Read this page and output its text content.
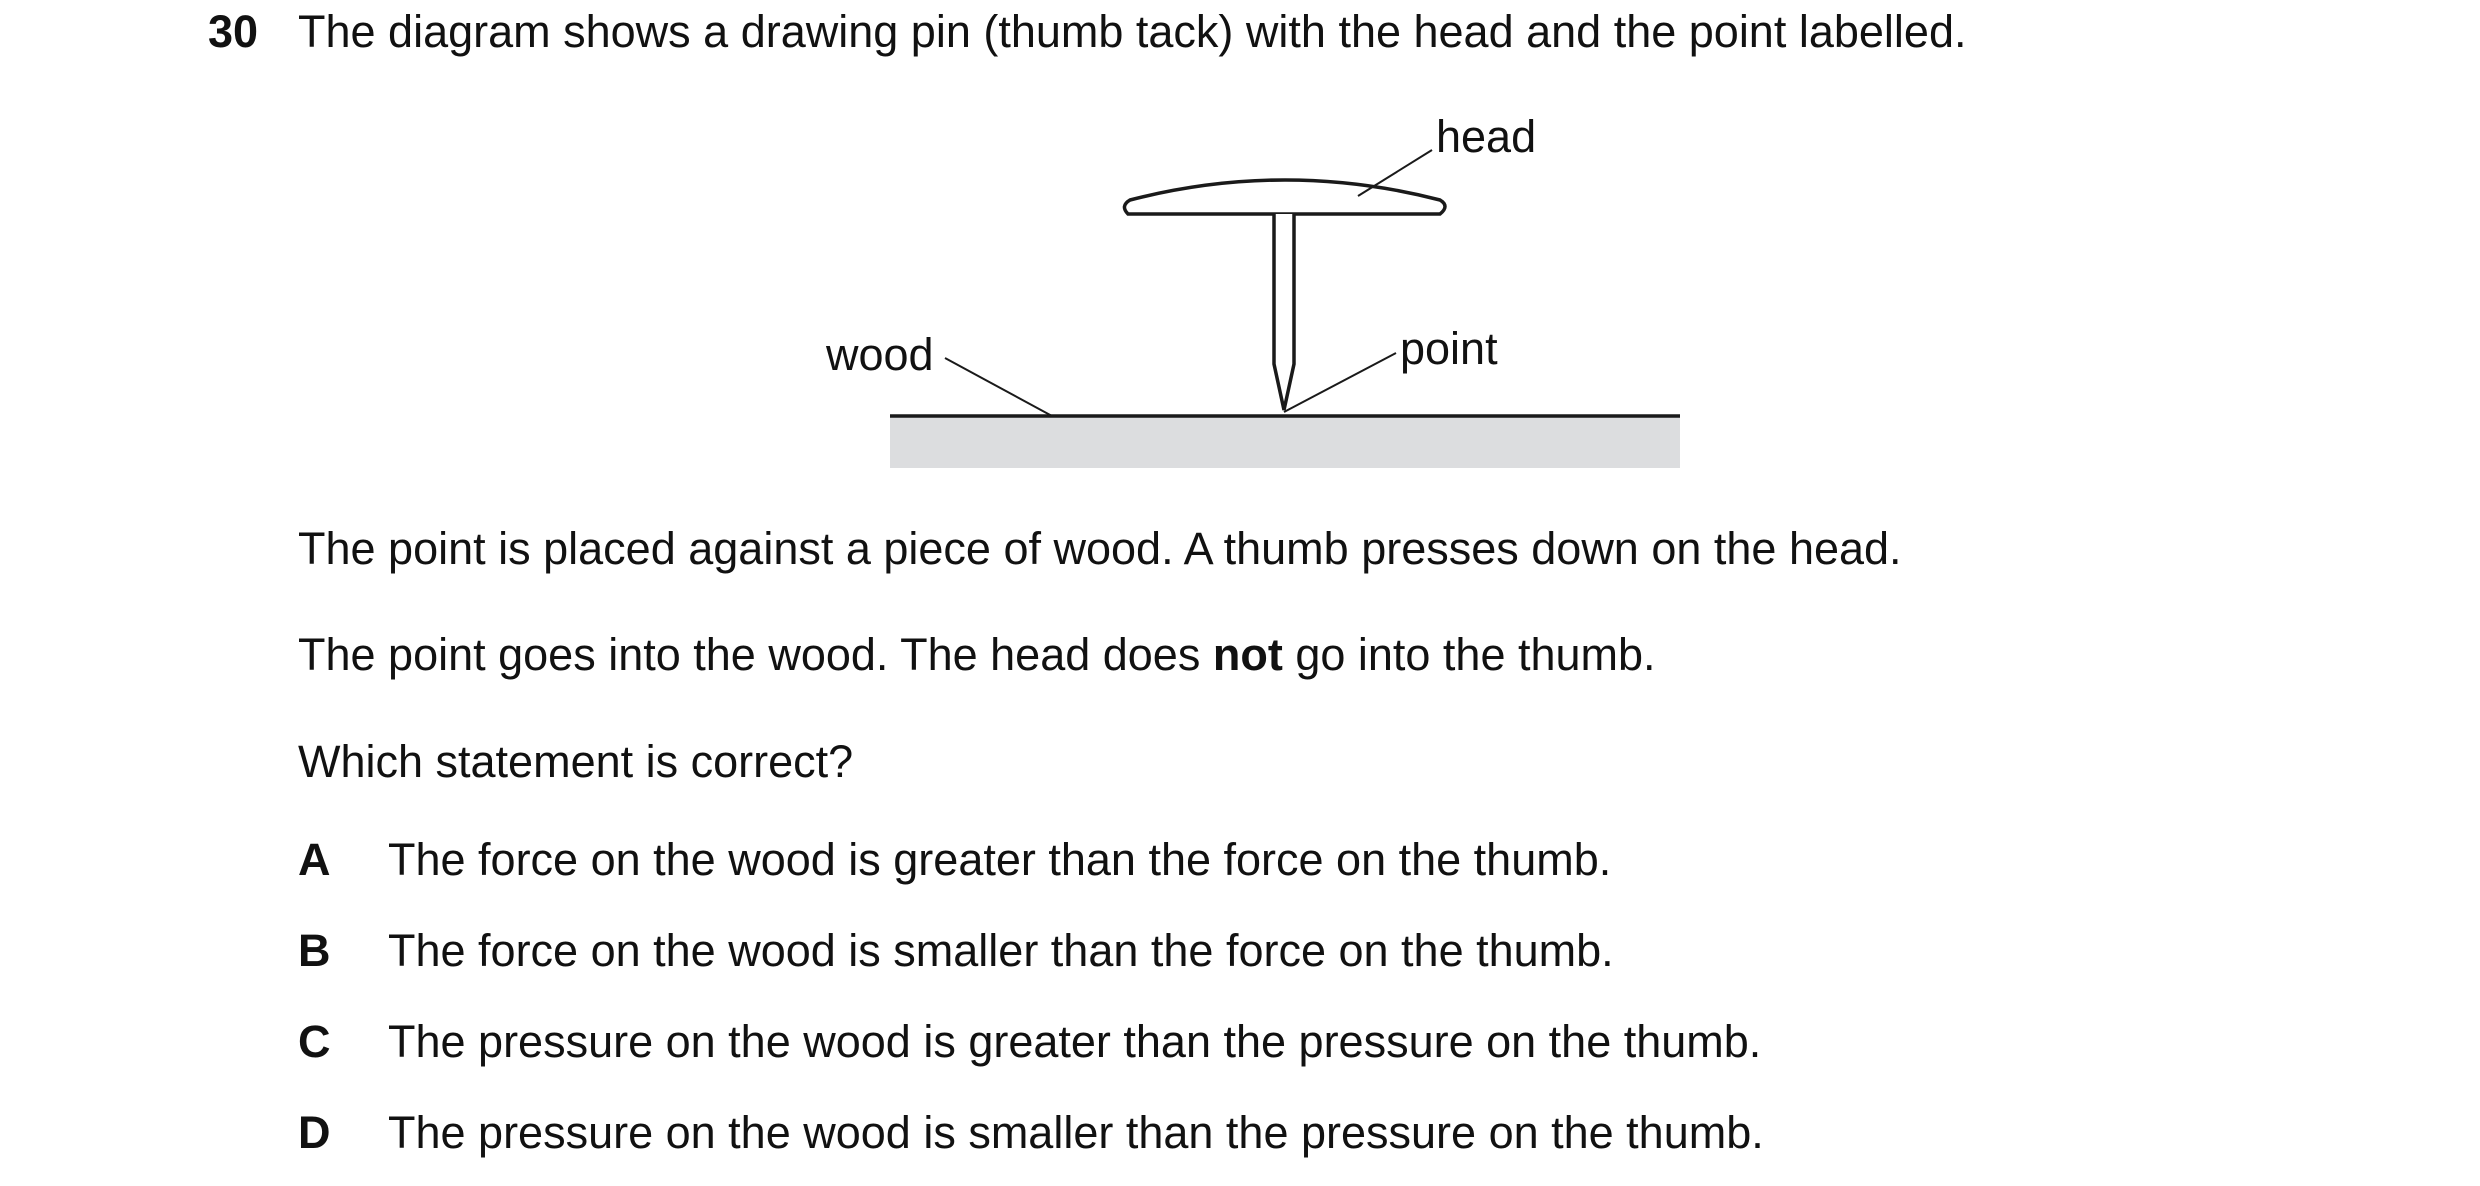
30 The diagram shows a drawing pin (thumb tack) with the head and the point labelled.
head
wood	point
The point is placed against a piece of wood. A thumb presses down on the head.
The point goes into the wood. The head does not go into the thumb.
Which statement is correct?
A The force on the wood is greater than the force on the thumb.
B The force on the wood is smaller than the force on the thumb.
C The pressure on the wood is greater than the pressure on the thumb.
D The pressure on the wood is smaller than the pressure on the thumb.
